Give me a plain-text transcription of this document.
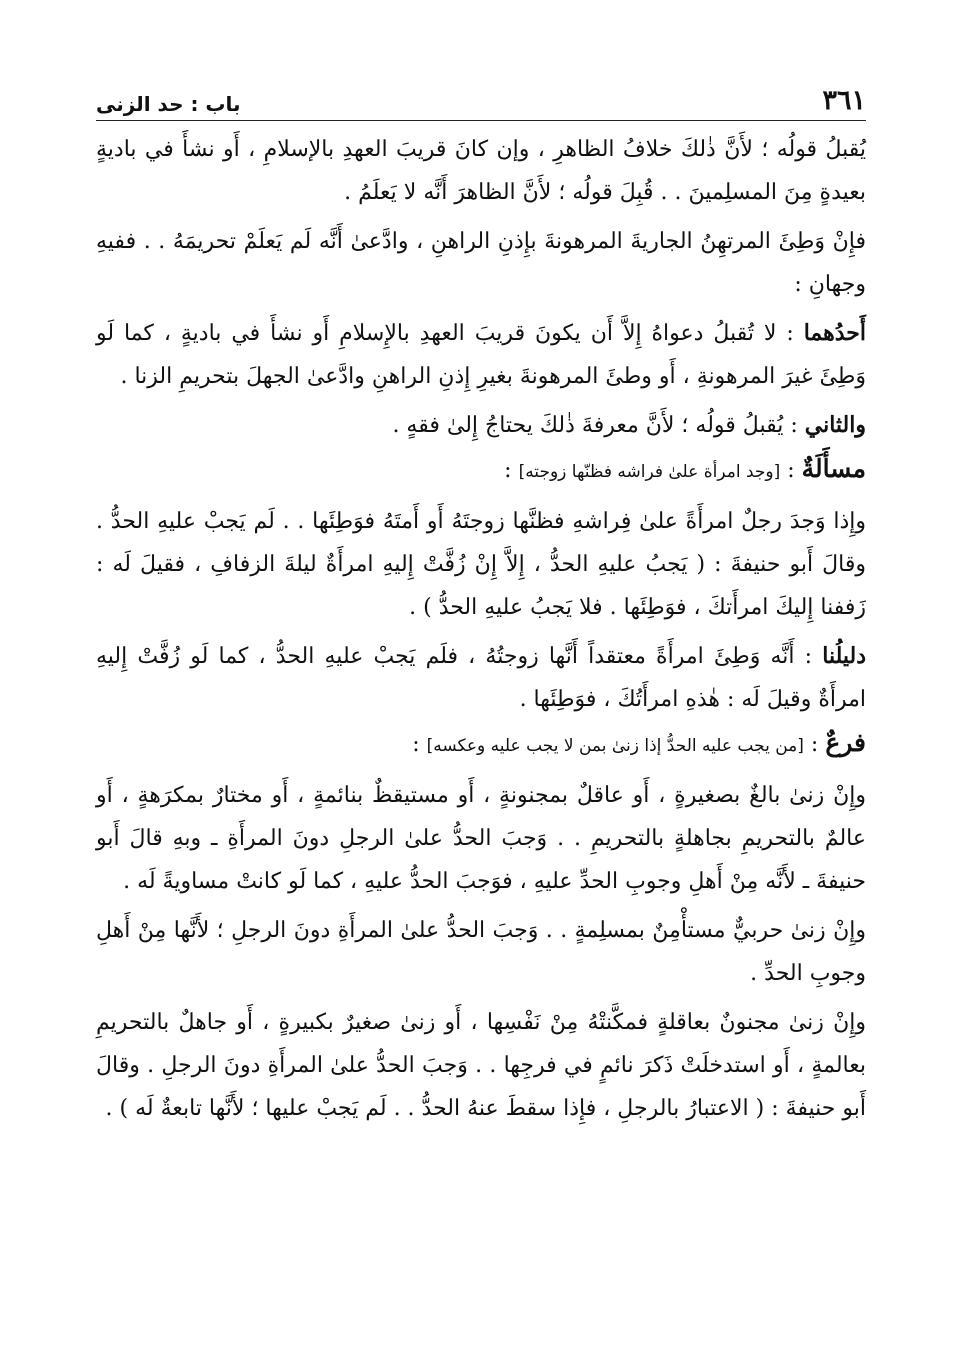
باب : حد الزنى	٣٦١

يُقبلُ قولُه ؛ لأَنَّ ذٰلكَ خلافُ الظاهرِ ، وإن كانَ قريبَ العهدِ بالإسلامِ ، أَو نشأَ في باديةٍ بعيدةٍ مِنَ المسلِمينَ . . قُبِلَ قولُه ؛ لأَنَّ الظاهرَ أَنَّه لا يَعلَمُ .

فإِنْ وَطِئَ المرتهِنُ الجاريةَ المرهونةَ بإِذنِ الراهنِ ، وادَّعىٰ أَنَّه لَم يَعلَمْ تحريمَهُ . . ففيهِ وجهانِ :

أَحدُهما : لا تُقبلُ دعواهُ إِلاَّ أَن يكونَ قريبَ العهدِ بالإِسلامِ أَو نشأَ في باديةٍ ، كما لَو وَطِئَ غيرَ المرهونةِ ، أَو وطئَ المرهونةَ بغيرِ إِذنِ الراهنِ وادَّعىٰ الجهلَ بتحريمِ الزنا .

والثاني : يُقبلُ قولُه ؛ لأَنَّ معرفةَ ذٰلكَ يحتاجُ إِلىٰ فقهٍ .

مسأَلَةٌ : [وجد امرأة علىٰ فراشه فظنّها زوجته] :

وإِذا وَجدَ رجلٌ امرأَةً علىٰ فِراشهِ فظنَّها زوجتَهُ أَو أَمتَهُ فوَطِئَها . . لَم يَجبْ عليهِ الحدُّ . وقالَ أَبو حنيفةَ : ( يَجبُ عليهِ الحدُّ ، إِلاَّ إِنْ زُفَّتْ إِليهِ امرأَةٌ ليلةَ الزفافِ ، فقيلَ لَه : زَففنا إِليكَ امرأَتكَ ، فوَطِئَها . فلا يَجبُ عليهِ الحدُّ ) .

دليلُنا : أَنَّه وَطِئَ امرأَةً معتقداً أَنَّها زوجتُهُ ، فلَم يَجبْ عليهِ الحدُّ ، كما لَو زُفَّتْ إِليهِ امرأَةٌ وقيلَ لَه : هٰذهِ امرأَتُكَ ، فوَطِئَها .

فرعٌ : [من يجب عليه الحدُّ إذا زنىٰ بمن لا يجب عليه وعكسه] :

وإِنْ زنىٰ بالغٌ بصغيرةٍ ، أَو عاقلٌ بمجنونةٍ ، أَو مستيقظٌ بنائمةٍ ، أَو مختارٌ بمكرَهةٍ ، أَو عالمٌ بالتحريمِ بجاهلةٍ بالتحريمِ . . وَجبَ الحدُّ علىٰ الرجلِ دونَ المرأَةِ ـ وبهِ قالَ أَبو حنيفةَ ـ لأَنَّه مِنْ أَهلِ وجوبِ الحدِّ عليهِ ، فوَجبَ الحدُّ عليهِ ، كما لَو كانتْ مساويةً لَه .

وإِنْ زنىٰ حربيٌّ مستأْمِنٌ بمسلِمةٍ . . وَجبَ الحدُّ علىٰ المرأَةِ دونَ الرجلِ ؛ لأَنَّها مِنْ أَهلِ وجوبِ الحدِّ .

وإِنْ زنىٰ مجنونٌ بعاقلةٍ فمكَّنتْهُ مِنْ نَفْسِها ، أَو زنىٰ صغيرٌ بكبيرةٍ ، أَو جاهلٌ بالتحريمِ بعالمةٍ ، أَو استدخلَتْ ذَكرَ نائمٍ في فرجِها . . وَجبَ الحدُّ علىٰ المرأَةِ دونَ الرجلِ . وقالَ أَبو حنيفةَ : ( الاعتبارُ بالرجلِ ، فإِذا سقطَ عنهُ الحدُّ . . لَم يَجبْ عليها ؛ لأَنَّها تابعةٌ لَه ) .
